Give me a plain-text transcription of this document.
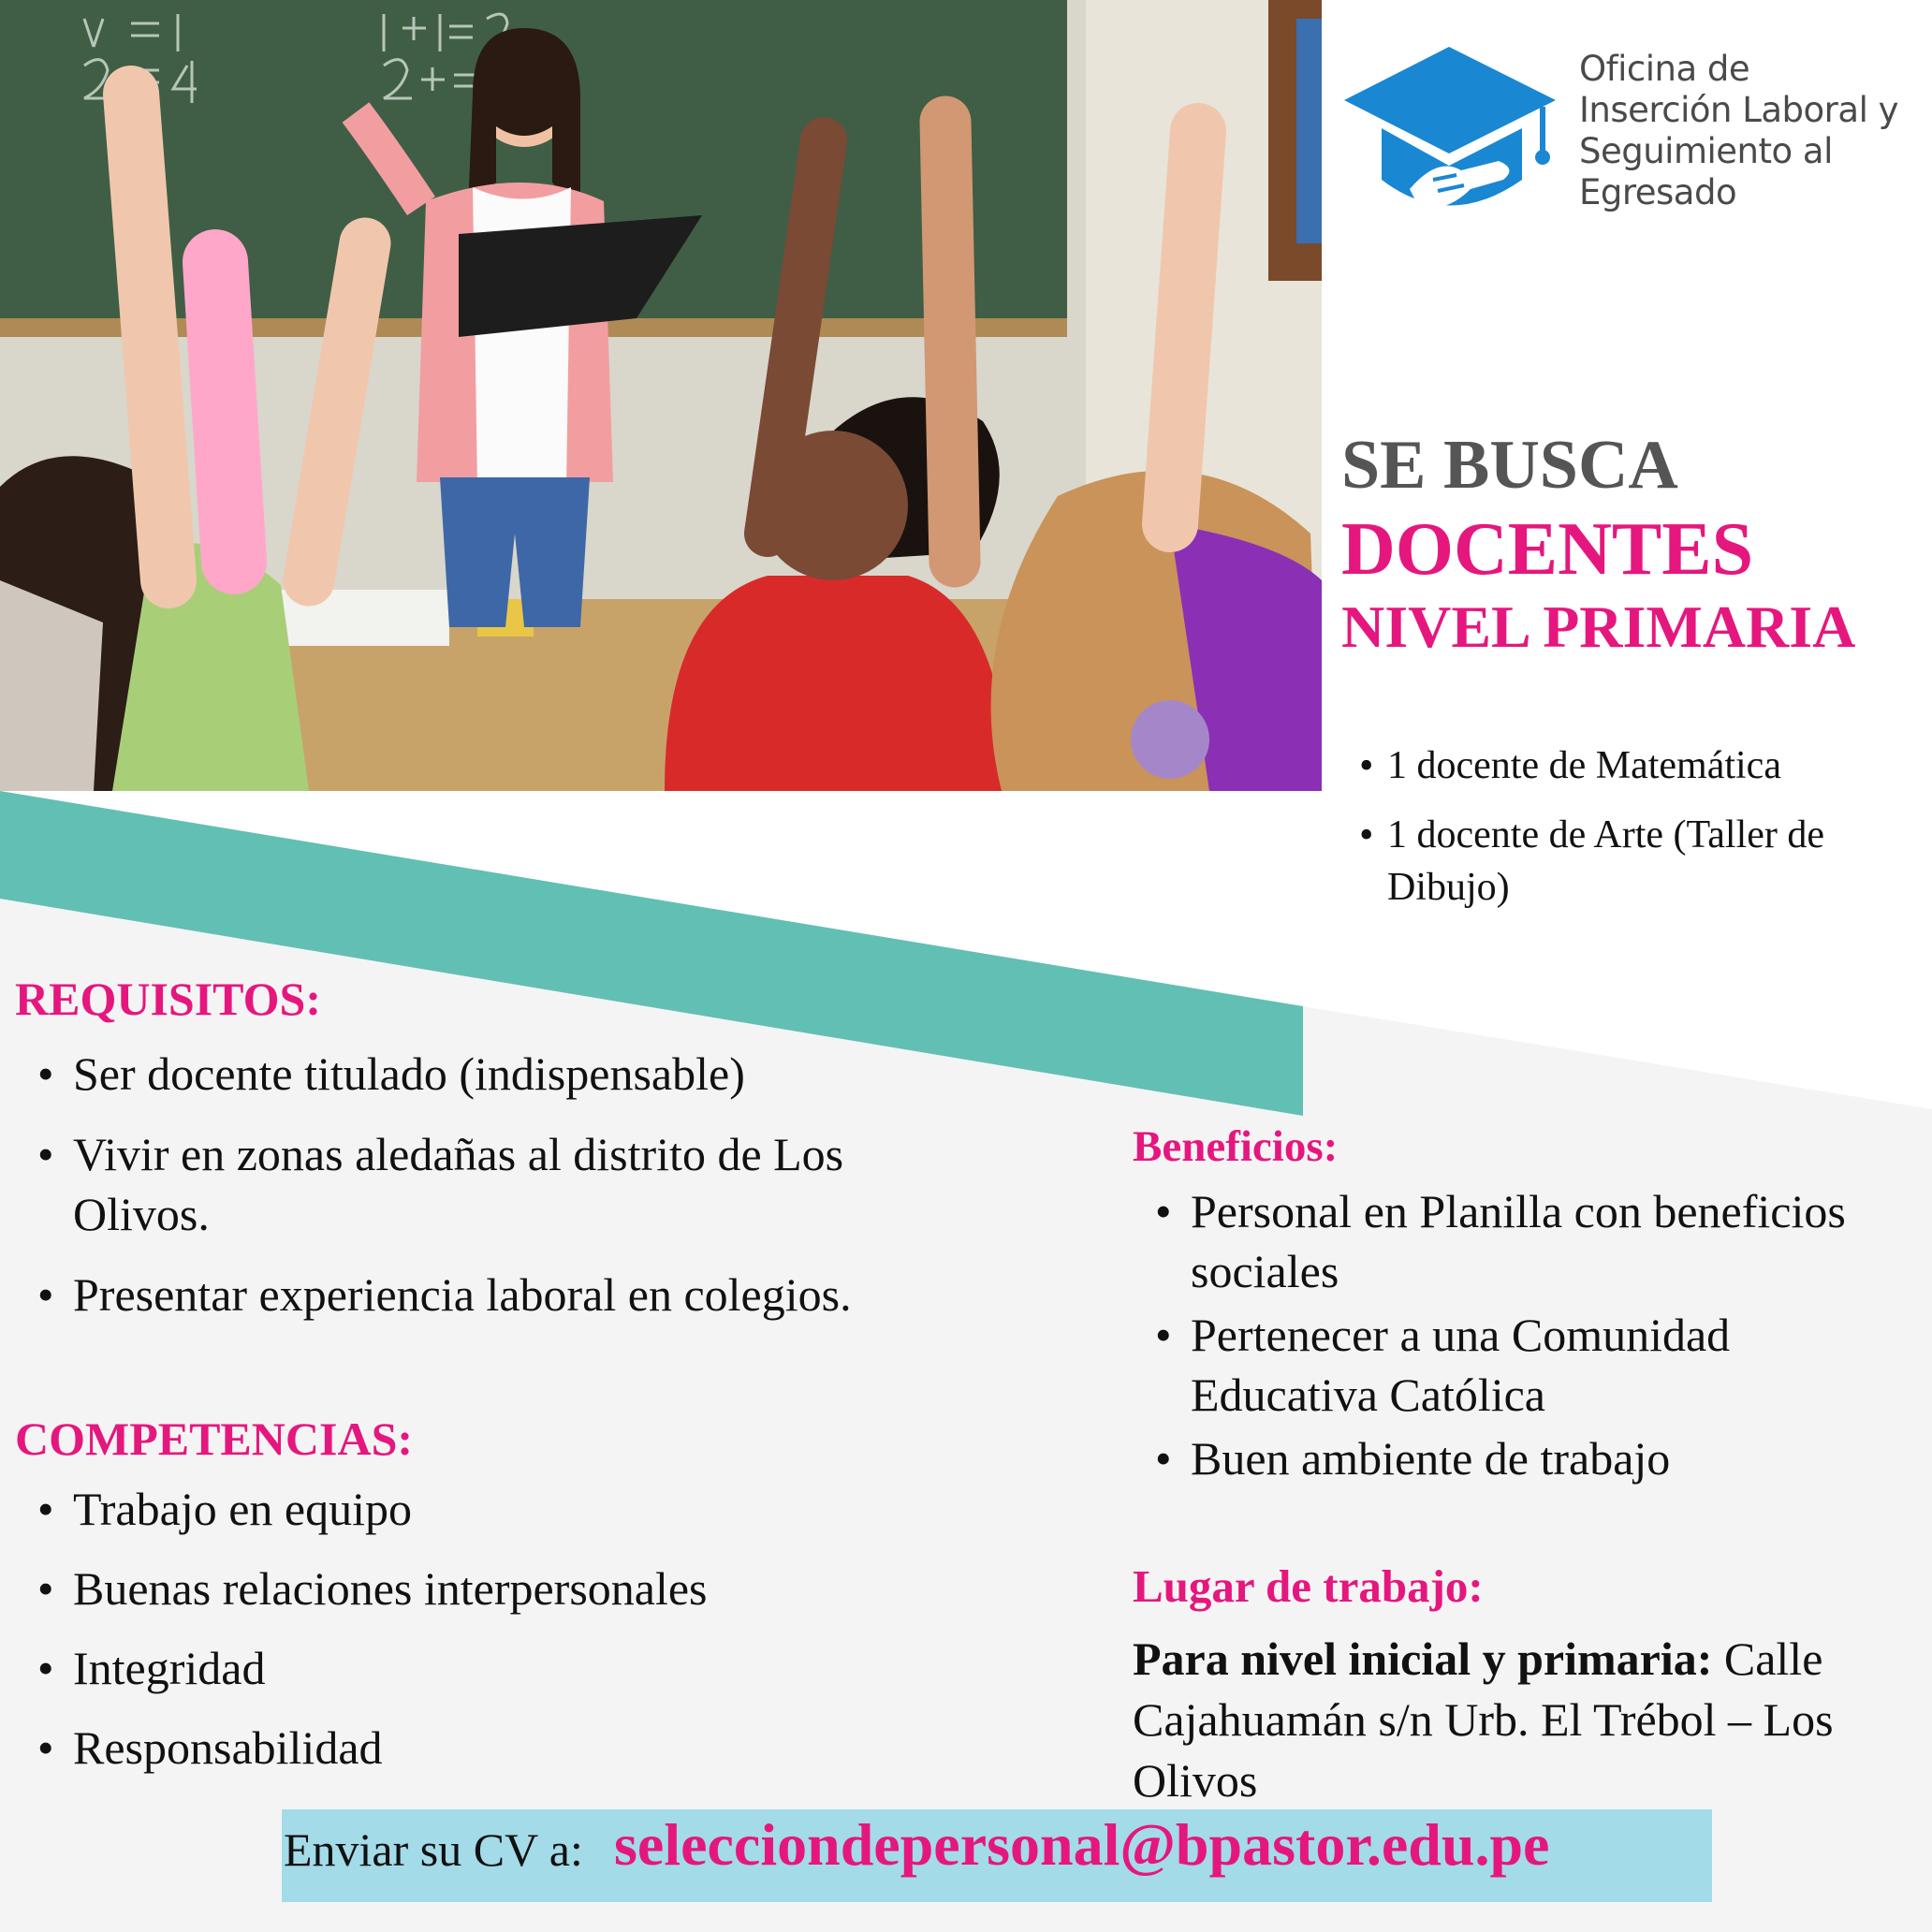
Oficina de
Inserción Laboral y
Seguimiento al
Egresado
SE BUSCA
DOCENTES
NIVEL PRIMARIA
• 1 docente de Matemática
• 1 docente de Arte (Taller de Dibujo)
REQUISITOS:
• Ser docente titulado (indispensable)
• Vivir en zonas aledañas al distrito de Los Olivos.
• Presentar experiencia laboral en colegios.
COMPETENCIAS:
• Trabajo en equipo
• Buenas relaciones interpersonales
• Integridad
• Responsabilidad
Beneficios:
• Personal en Planilla con beneficios sociales
• Pertenecer a una Comunidad Educativa Católica
• Buen ambiente de trabajo
Lugar de trabajo:
Para nivel inicial y primaria: Calle Cajahuamán s/n Urb. El Trébol – Los Olivos
Enviar su CV a: selecciondepersonal@bpastor.edu.pe
